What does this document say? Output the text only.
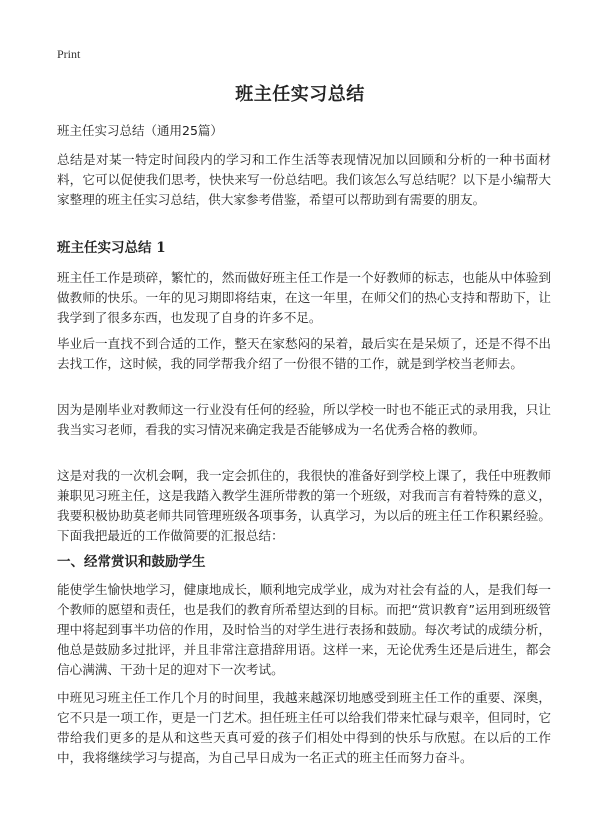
Print
班主任实习总结

班主任实习总结（通用25篇）

总结是对某一特定时间段内的学习和工作生活等表现情况加以回顾和分析的一种书面材料，它可以促使我们思考，快快来写一份总结吧。我们该怎么写总结呢？以下是小编帮大家整理的班主任实习总结，供大家参考借鉴，希望可以帮助到有需要的朋友。

班主任实习总结 1

班主任工作是琐碎，繁忙的，然而做好班主任工作是一个好教师的标志，也能从中体验到做教师的快乐。一年的见习期即将结束，在这一年里，在师父们的热心支持和帮助下，让我学到了很多东西，也发现了自身的许多不足。

毕业后一直找不到合适的工作，整天在家愁闷的呆着，最后实在是呆烦了，还是不得不出去找工作，这时候，我的同学帮我介绍了一份很不错的工作，就是到学校当老师去。

因为是刚毕业对教师这一行业没有任何的经验，所以学校一时也不能正式的录用我，只让我当实习老师，看我的实习情况来确定我是否能够成为一名优秀合格的教师。

这是对我的一次机会啊，我一定会抓住的，我很快的准备好到学校上课了，我任中班教师兼职见习班主任，这是我踏入教学生涯所带教的第一个班级，对我而言有着特殊的意义，我要积极协助莫老师共同管理班级各项事务，认真学习，为以后的班主任工作积累经验。下面我把最近的工作做简要的汇报总结：

一、经常赏识和鼓励学生

能使学生愉快地学习，健康地成长，顺利地完成学业，成为对社会有益的人，是我们每一个教师的愿望和责任，也是我们的教育所希望达到的目标。而把“赏识教育”运用到班级管理中将起到事半功倍的作用，及时恰当的对学生进行表扬和鼓励。每次考试的成绩分析，他总是鼓励多过批评，并且非常注意措辞用语。这样一来，无论优秀生还是后进生，都会信心满满、干劲十足的迎对下一次考试。

中班见习班主任工作几个月的时间里，我越来越深切地感受到班主任工作的重要、深奥，它不只是一项工作，更是一门艺术。担任班主任可以给我们带来忙碌与艰辛，但同时，它带给我们更多的是从和这些天真可爱的孩子们相处中得到的快乐与欣慰。在以后的工作中，我将继续学习与提高，为自己早日成为一名正式的班主任而努力奋斗。
